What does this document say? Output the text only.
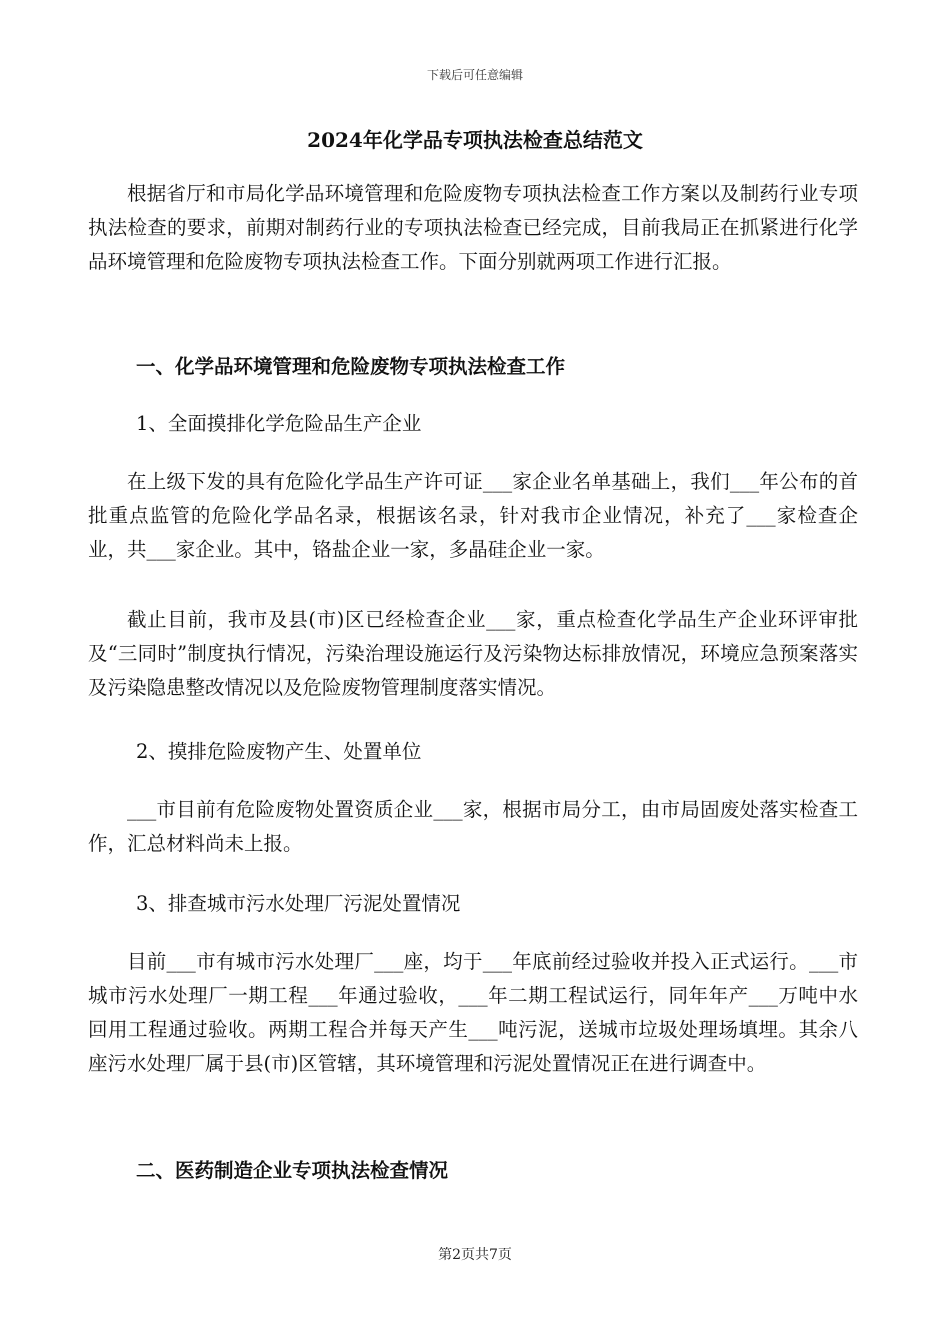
下载后可任意编辑
2024年化学品专项执法检查总结范文
根据省厅和市局化学品环境管理和危险废物专项执法检查工作方案以及制药行业专项执法检查的要求，前期对制药行业的专项执法检查已经完成，目前我局正在抓紧进行化学品环境管理和危险废物专项执法检查工作。下面分别就两项工作进行汇报。
一、化学品环境管理和危险废物专项执法检查工作
1、全面摸排化学危险品生产企业
在上级下发的具有危险化学品生产许可证___家企业名单基础上，我们___年公布的首批重点监管的危险化学品名录，根据该名录，针对我市企业情况，补充了___家检查企业，共___家企业。其中，铬盐企业一家，多晶硅企业一家。
截止目前，我市及县(市)区已经检查企业___家，重点检查化学品生产企业环评审批及“三同时”制度执行情况，污染治理设施运行及污染物达标排放情况，环境应急预案落实及污染隐患整改情况以及危险废物管理制度落实情况。
2、摸排危险废物产生、处置单位
___市目前有危险废物处置资质企业___家，根据市局分工，由市局固废处落实检查工作，汇总材料尚未上报。
3、排查城市污水处理厂污泥处置情况
目前___市有城市污水处理厂___座，均于___年底前经过验收并投入正式运行。___市城市污水处理厂一期工程___年通过验收，___年二期工程试运行，同年年产___万吨中水回用工程通过验收。两期工程合并每天产生___吨污泥，送城市垃圾处理场填埋。其余八座污水处理厂属于县(市)区管辖，其环境管理和污泥处置情况正在进行调查中。
二、医药制造企业专项执法检查情况
第2页共7页
